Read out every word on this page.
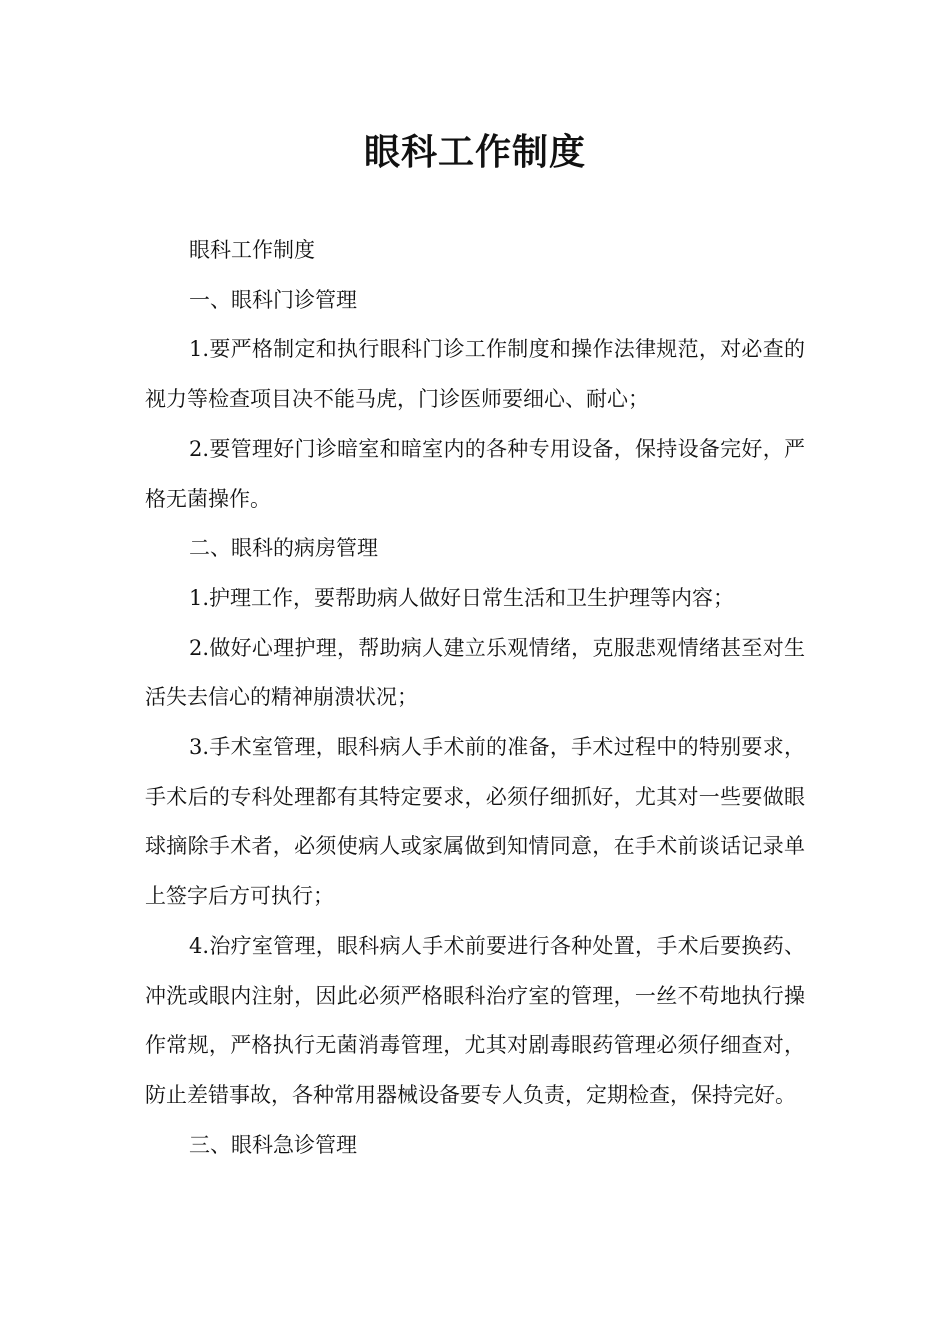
眼科工作制度

眼科工作制度

一、眼科门诊管理

1.要严格制定和执行眼科门诊工作制度和操作法律规范，对必查的视力等检查项目决不能马虎，门诊医师要细心、耐心；

2.要管理好门诊暗室和暗室内的各种专用设备，保持设备完好，严格无菌操作。

二、眼科的病房管理

1.护理工作，要帮助病人做好日常生活和卫生护理等内容；

2.做好心理护理，帮助病人建立乐观情绪，克服悲观情绪甚至对生活失去信心的精神崩溃状况；

3.手术室管理，眼科病人手术前的准备，手术过程中的特别要求，手术后的专科处理都有其特定要求，必须仔细抓好，尤其对一些要做眼球摘除手术者，必须使病人或家属做到知情同意，在手术前谈话记录单上签字后方可执行；

4.治疗室管理，眼科病人手术前要进行各种处置，手术后要换药、冲洗或眼内注射，因此必须严格眼科治疗室的管理，一丝不苟地执行操作常规，严格执行无菌消毒管理，尤其对剧毒眼药管理必须仔细查对，防止差错事故，各种常用器械设备要专人负责，定期检查，保持完好。

三、眼科急诊管理
